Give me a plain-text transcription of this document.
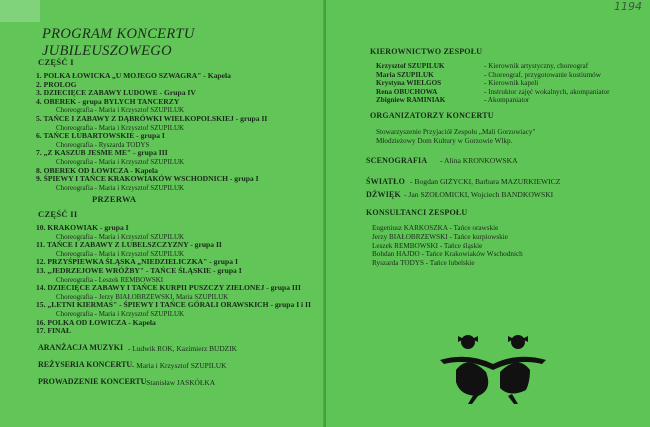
PROGRAM KONCERTU JUBILEUSZOWEGO
CZĘŚĆ I
1. POLKA ŁOWICKA „U MOJEGO SZWAGRA" - Kapela
2. PROLOG
3. DZIECIĘCE ZABAWY LUDOWE - Grupa IV
4. OBEREK - grupa BYLYCH TANCERZY
Choreografia - Maria i Krzysztof SZUPILUK
5. TAŃCE I ZABAWY Z DĄBRÓWKI WIELKOPOLSKIEJ - grupa II
Choreografia - Maria i Krzysztof SZUPILUK
6. TAŃCE LUBARTOWSKIE - grupa I
Choreografia - Ryszarda TODYS
7. „Z KASZUB JESME ME" - grupa III
Choreografia - Maria i Krzysztof SZUPILUK
8. OBEREK OD ŁOWICZA - Kapela
9. ŚPIEWY I TAŃCE KRAKOWIAKÓW WSCHODNICH - grupa I
Choreografia - Maria i Krzysztof SZUPILUK
PRZERWA
CZĘŚĆ II
10. KRAKOWIAK - grupa I
Choreografia - Maria i Krzysztof SZUPILUK
11. TAŃCE I ZABAWY Z LUBELSZCZYZNY - grupa II
Choreografia - Maria i Krzysztof SZUPILUK
12. PRZYŚPIEWKA ŚLĄSKA „NIEDZIELICZKA" - grupa I
13. „JEDRZEJOWE WRÓŻBY" - TAŃCE ŚLĄSKIE - grupa I
Choreografia - Leszek REMBOWSKI
14. DZIECIĘCE ZABAWY I TAŃCE KURPII PUSZCZY ZIELONEJ - grupa III
Choreografia - Jerzy BIAŁOBRZEWSKI, Maria SZUPILUK
15. „LETNI KIERMAS" - ŚPIEWY I TAŃCE GÓRALI ORAWSKICH - grupa I i II
Choreografia - Maria i Krzysztof SZUPILUK
16. POLKA OD ŁOWICZA - Kapela
17. FINAŁ
ARANŻACJA MUZYKI - Ludwik ROK, Kazimierz BUDZIK
REŻYSERIA KONCERTU - Maria i Krzysztof SZUPILUK
PROWADZENIE KONCERTU
- Stanisław JASKÓŁKA
1194
KIEROWNICTWO ZESPOŁU
Krzysztof SZUPILUK	- Kierownik artystyczny, choreograf
Maria SZUPILUK	- Choreograf, przygotowanie kostiumów
Krystyna WIELGOS	- Kierownik kapeli
Rena OBUCHOWA	- Instruktor zajęć wokalnych, akompaniator
Zbigniew RAMINIAK	- Akompaniator
ORGANIZATORZY KONCERTU
Stowarzyszenie Przyjaciół Zespołu „Mali Gorzowiacy"
Młodzieżowy Dom Kultury w Gorzowie Wlkp.
SCENOGRAFIA - Alina KRONKOWSKA
ŚWIATŁO - Bogdan GIŻYCKI, Barbara MAZURKIEWICZ
DŹWIĘK - Jan SZOŁOMICKI, Wojciech BANDKOWSKI
KONSULTANCI ZESPOŁU
Eugeniusz KARKOSZKA - Tańce orawskie
Jerzy BIAŁOBRZEWSKI - Tańce kurpiowskie
Leszek REMBOWSKI - Tańce śląskie
Bohdan HAJDO - Tańce Krakowiaków Wschodnich
Ryszarda TODYS - Tańce lubelskie
